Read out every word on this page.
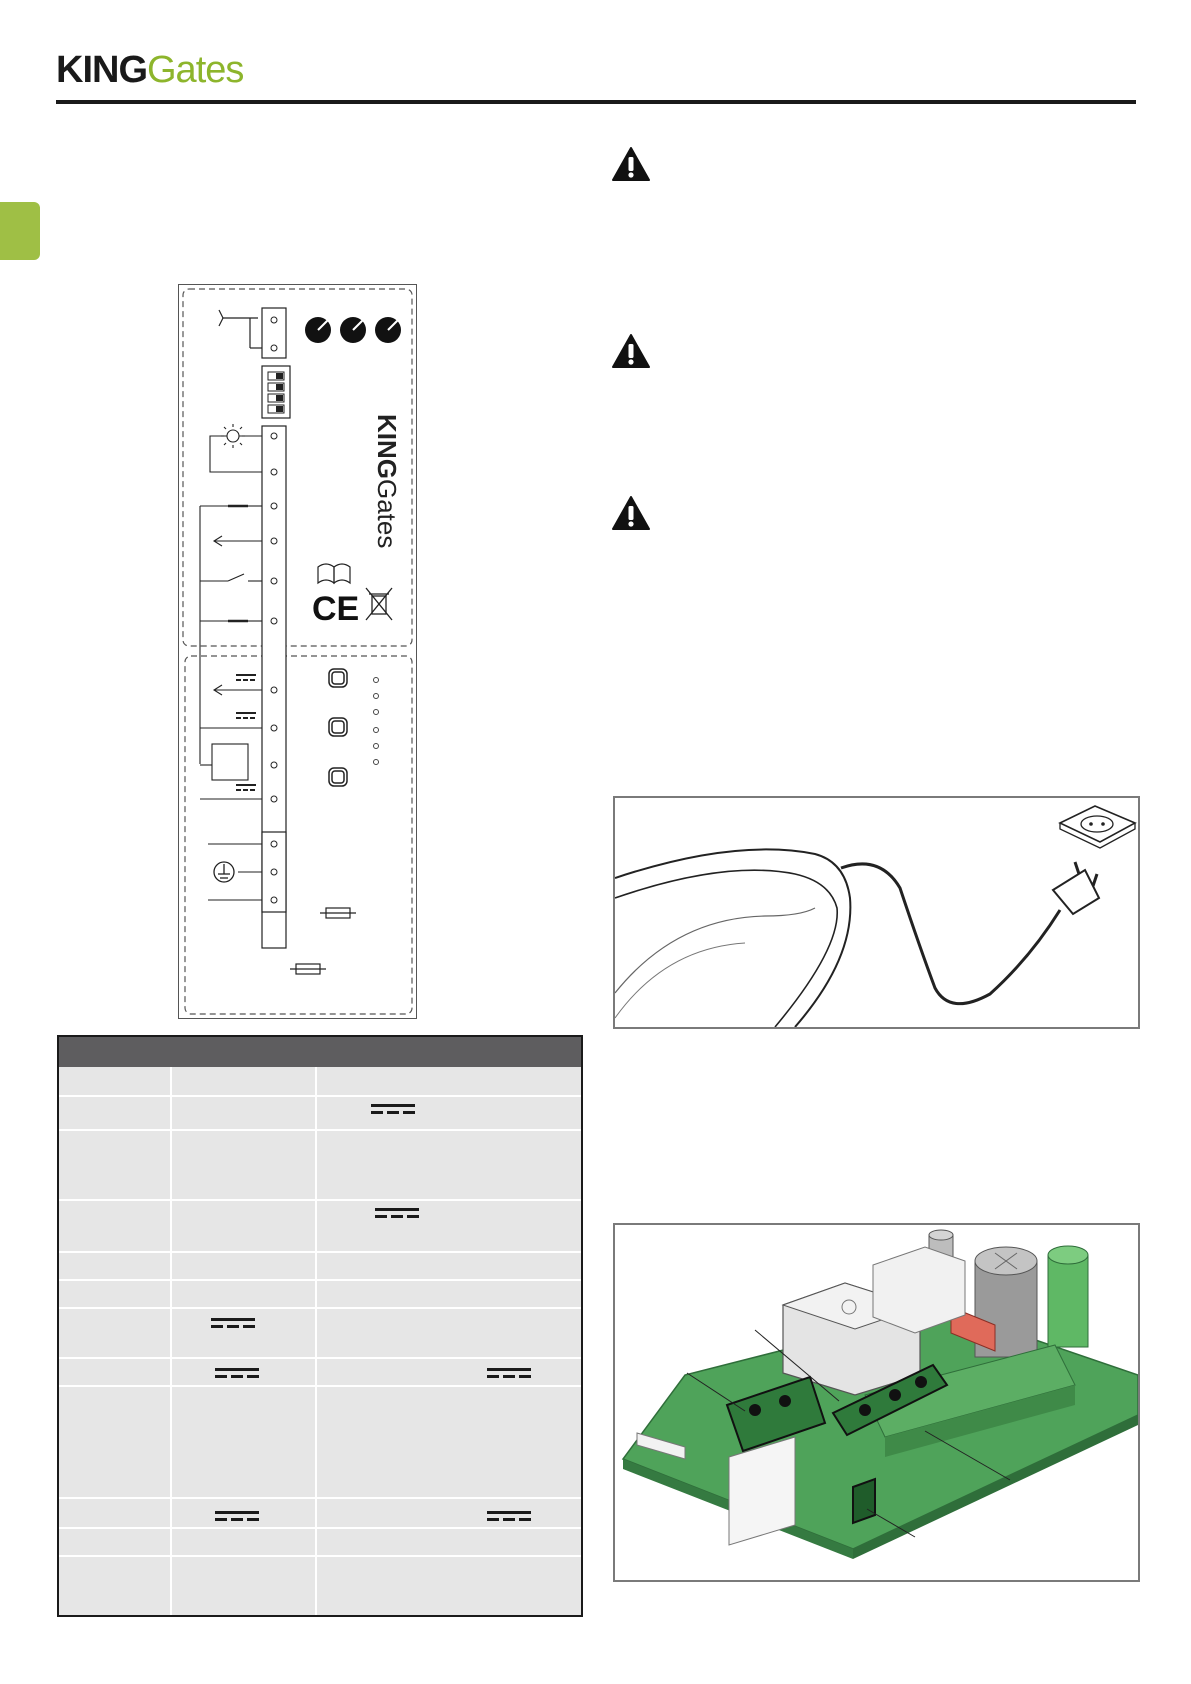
KINGGates
KINGGates
CE
